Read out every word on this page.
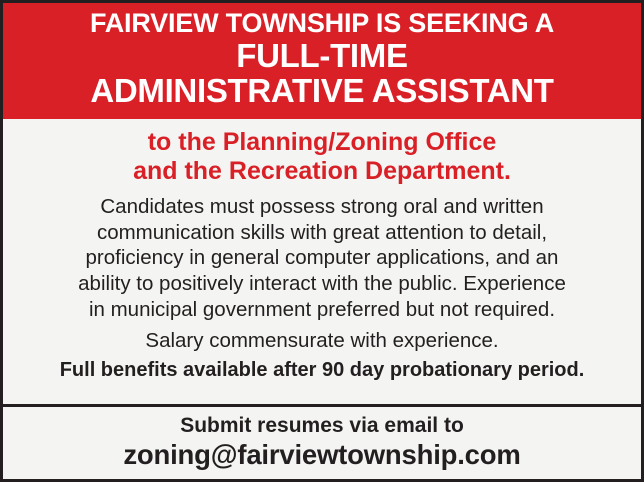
FAIRVIEW TOWNSHIP IS SEEKING A
FULL-TIME
ADMINISTRATIVE ASSISTANT
to the Planning/Zoning Office
and the Recreation Department.
Candidates must possess strong oral and written
communication skills with great attention to detail,
proficiency in general computer applications, and an
ability to positively interact with the public. Experience
in municipal government preferred but not required.
Salary commensurate with experience.
Full benefits available after 90 day probationary period.
Submit resumes via email to
zoning@fairviewtownship.com
